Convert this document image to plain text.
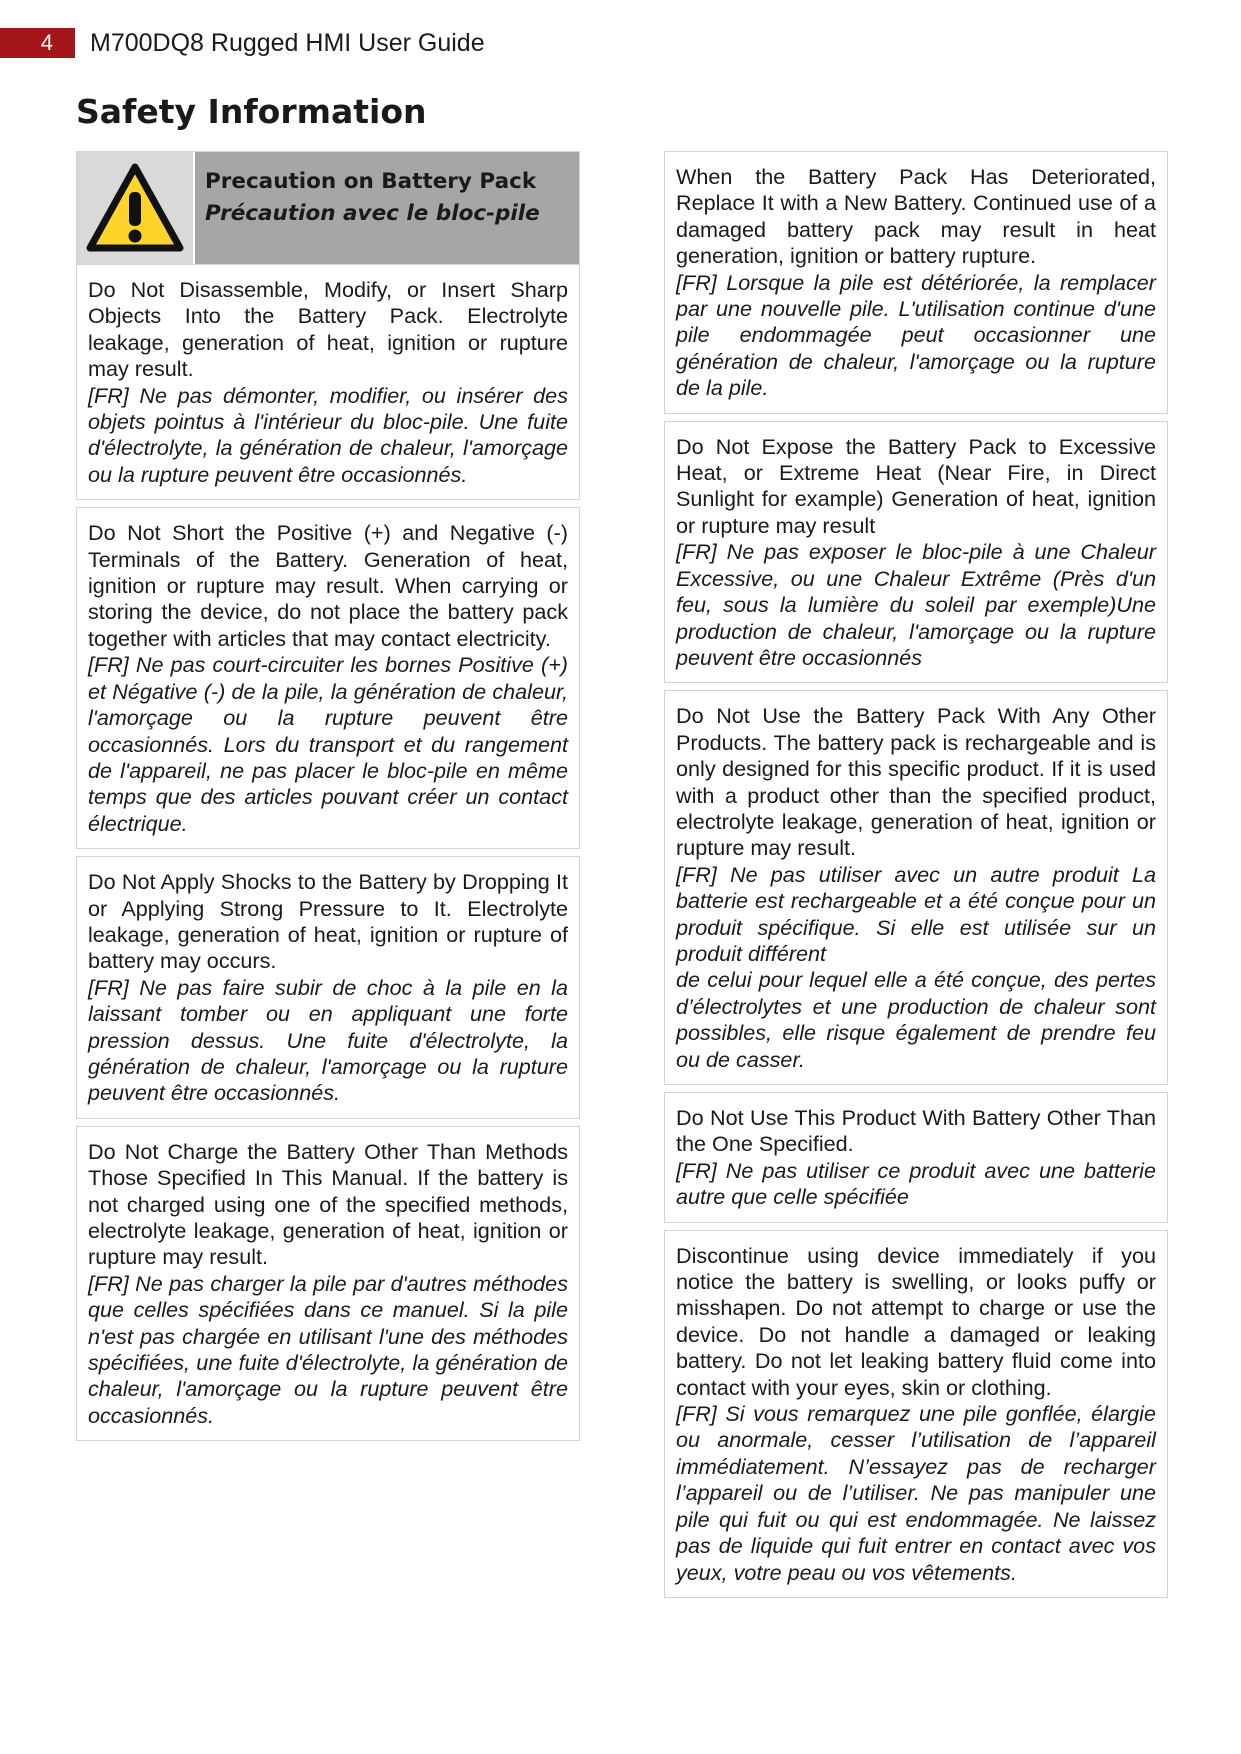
4	M700DQ8 Rugged HMI User Guide
Safety Information
Precaution on Battery Pack
Précaution avec le bloc-pile

Do Not Disassemble, Modify, or Insert Sharp Objects Into the Battery Pack. Electrolyte leakage, generation of heat, ignition or rupture may result.

[FR] Ne pas démonter, modifier, ou insérer des objets pointus à l'intérieur du bloc-pile. Une fuite d'électrolyte, la génération de chaleur, l'amorçage ou la rupture peuvent être occasionnés.

Do Not Short the Positive (+) and Negative (-) Terminals of the Battery. Generation of heat, ignition or rupture may result. When carrying or storing the device, do not place the battery pack together with articles that may contact electricity.

[FR] Ne pas court-circuiter les bornes Positive (+) et Négative (-) de la pile, la génération de chaleur, l'amorçage ou la rupture peuvent être occasionnés. Lors du transport et du rangement de l'appareil, ne pas placer le bloc-pile en même temps que des articles pouvant créer un contact électrique.

Do Not Apply Shocks to the Battery by Dropping It or Applying Strong Pressure to It. Electrolyte leakage, generation of heat, ignition or rupture of battery may occurs.

[FR] Ne pas faire subir de choc à la pile en la laissant tomber ou en appliquant une forte pression dessus. Une fuite d'électrolyte, la génération de chaleur, l'amorçage ou la rupture peuvent être occasionnés.

Do Not Charge the Battery Other Than Methods Those Specified In This Manual. If the battery is not charged using one of the specified methods, electrolyte leakage, generation of heat, ignition or rupture may result.

[FR] Ne pas charger la pile par d'autres méthodes que celles spécifiées dans ce manuel. Si la pile n'est pas chargée en utilisant l'une des méthodes spécifiées, une fuite d'électrolyte, la génération de chaleur, l'amorçage ou la rupture peuvent être occasionnés.

When the Battery Pack Has Deteriorated, Replace It with a New Battery. Continued use of a damaged battery pack may result in heat generation, ignition or battery rupture.

[FR] Lorsque la pile est détériorée, la remplacer par une nouvelle pile. L'utilisation continue d'une pile endommagée peut occasionner une génération de chaleur, l'amorçage ou la rupture de la pile.

Do Not Expose the Battery Pack to Excessive Heat, or Extreme Heat (Near Fire, in Direct Sunlight for example) Generation of heat, ignition or rupture may result

[FR] Ne pas exposer le bloc-pile à une Chaleur Excessive, ou une Chaleur Extrême (Près d'un feu, sous la lumière du soleil par exemple)Une production de chaleur, l'amorçage ou la rupture peuvent être occasionnés

Do Not Use the Battery Pack With Any Other Products. The battery pack is rechargeable and is only designed for this specific product. If it is used with a product other than the specified product, electrolyte leakage, generation of heat, ignition or rupture may result.

[FR] Ne pas utiliser avec un autre produit La batterie est rechargeable et a été conçue pour un produit spécifique. Si elle est utilisée sur un produit différent

de celui pour lequel elle a été conçue, des pertes d’électrolytes et une production de chaleur sont possibles, elle risque également de prendre feu ou de casser.

Do Not Use This Product With Battery Other Than the One Specified.

[FR] Ne pas utiliser ce produit avec une batterie autre que celle spécifiée

Discontinue using device immediately if you notice the battery is swelling, or looks puffy or misshapen. Do not attempt to charge or use the device. Do not handle a damaged or leaking battery. Do not let leaking battery fluid come into contact with your eyes, skin or clothing.

[FR] Si vous remarquez une pile gonflée, élargie ou anormale, cesser l’utilisation de l’appareil immédiatement. N’essayez pas de recharger l’appareil ou de l’utiliser. Ne pas manipuler une pile qui fuit ou qui est endommagée. Ne laissez pas de liquide qui fuit entrer en contact avec vos yeux, votre peau ou vos vêtements.
